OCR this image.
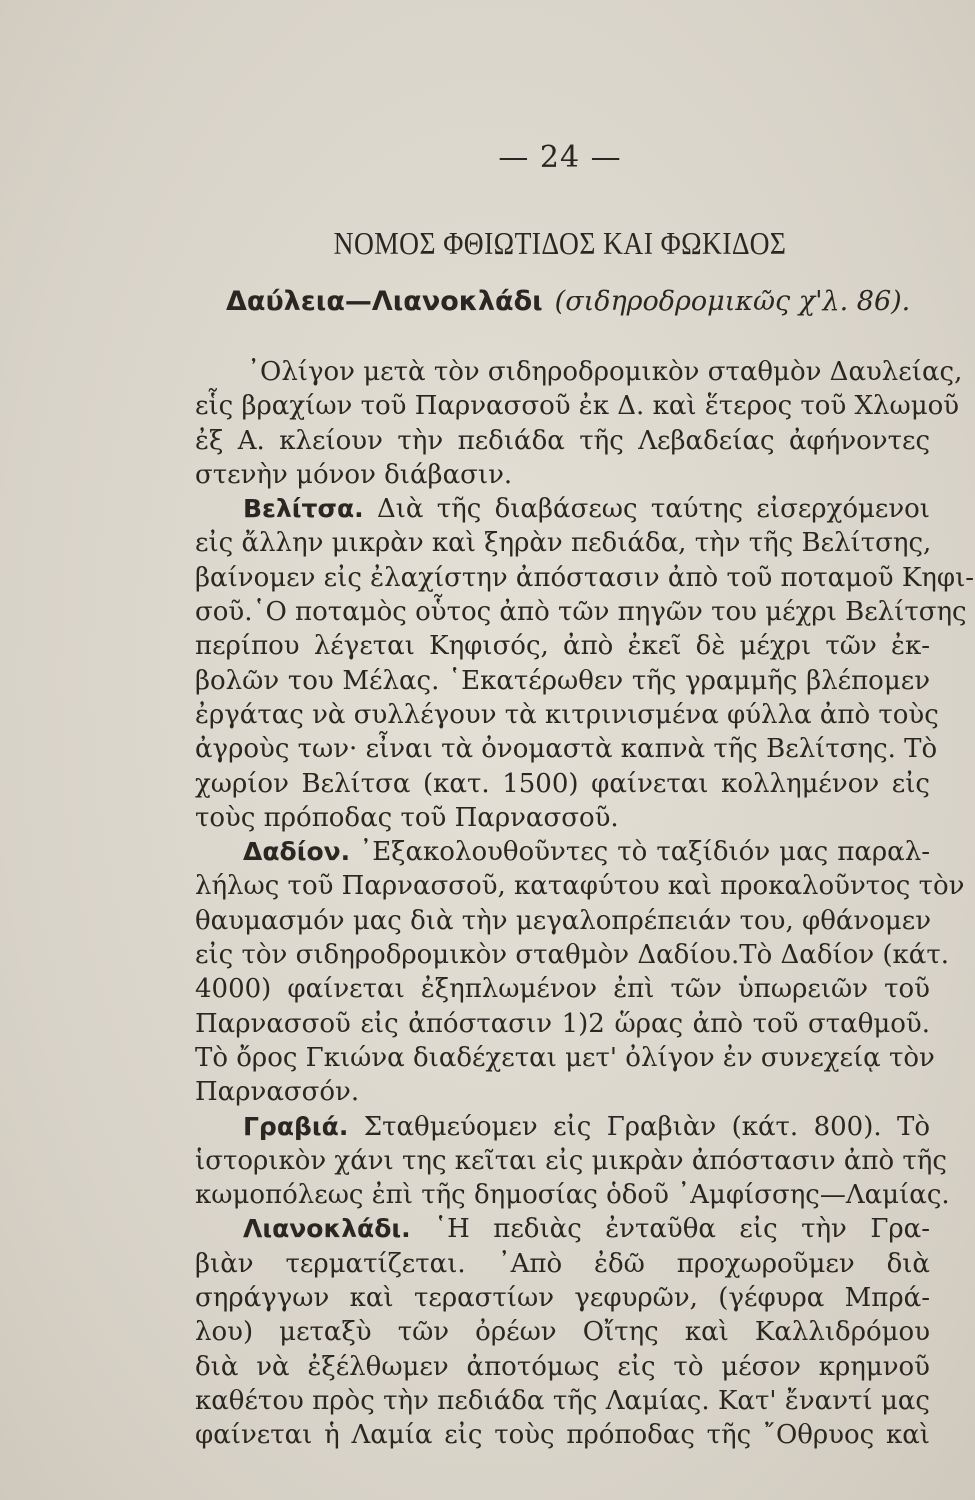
— 24 —
ΝΟΜΟΣ ΦΘΙΩΤΙΔΟΣ ΚΑΙ ΦΩΚΙΔΟΣ
Δαύλεια—Λιανοκλάδι (σιδηροδρομικῶς χ'λ. 86).
᾿Ολίγον μετὰ τὸν σιδηροδρομικὸν σταθμὸν Δαυλείας,
εἷς βραχίων τοῦ Παρνασσοῦ ἐκ Δ. καὶ ἕτερος τοῦ Χλωμοῦ
ἐξ Α. κλείουν τὴν πεδιάδα τῆς Λεβαδείας ἀφήνοντες
στενὴν μόνον διάβασιν.
Βελίτσα. Διὰ τῆς διαβάσεως ταύτης εἰσερχόμενοι
εἰς ἄλλην μικρὰν καὶ ξηρὰν πεδιάδα, τὴν τῆς Βελίτσης,
βαίνομεν εἰς ἐλαχίστην ἀπόστασιν ἀπὸ τοῦ ποταμοῦ Κηφι-
σοῦ.῾Ο ποταμὸς οὗτος ἀπὸ τῶν πηγῶν του μέχρι Βελίτσης
περίπου λέγεται Κηφισός, ἀπὸ ἐκεῖ δὲ μέχρι τῶν ἐκ-
βολῶν του Μέλας. ῾Εκατέρωθεν τῆς γραμμῆς βλέπομεν
ἐργάτας νὰ συλλέγουν τὰ κιτρινισμένα φύλλα ἀπὸ τοὺς
ἀγροὺς των· εἶναι τὰ ὀνομαστὰ καπνὰ τῆς Βελίτσης. Τὸ
χωρίον Βελίτσα (κατ. 1500) φαίνεται κολλημένον εἰς
τοὺς πρόποδας τοῦ Παρνασσοῦ.
Δαδίον. ᾿Εξακολουθοῦντες τὸ ταξίδιόν μας παραλ-
λήλως τοῦ Παρνασσοῦ, καταφύτου καὶ προκαλοῦντος τὸν
θαυμασμόν μας διὰ τὴν μεγαλοπρέπειάν του, φθάνομεν
εἰς τὸν σιδηροδρομικὸν σταθμὸν Δαδίου.Τὸ Δαδίον (κάτ.
4000) φαίνεται ἐξηπλωμένον ἐπὶ τῶν ὑπωρειῶν τοῦ
Παρνασσοῦ εἰς ἀπόστασιν 1)2 ὥρας ἀπὸ τοῦ σταθμοῦ.
Τὸ ὄρος Γκιώνα διαδέχεται μετ' ὀλίγον ἐν συνεχείᾳ τὸν
Παρνασσόν.
Γραβιά. Σταθμεύομεν εἰς Γραβιὰν (κάτ. 800). Τὸ
ἱστορικὸν χάνι της κεῖται εἰς μικρὰν ἀπόστασιν ἀπὸ τῆς
κωμοπόλεως ἐπὶ τῆς δημοσίας ὁδοῦ ᾿Αμφίσσης—Λαμίας.
Λιανοκλάδι. ῾Η πεδιὰς ἐνταῦθα εἰς τὴν Γρα-
βιὰν τερματίζεται. ᾿Απὸ ἐδῶ προχωροῦμεν διὰ
σηράγγων καὶ τεραστίων γεφυρῶν, (γέφυρα Μπρά-
λου) μεταξὺ τῶν ὀρέων Οἴτης καὶ Καλλιδρόμου
διὰ νὰ ἐξέλθωμεν ἀποτόμως εἰς τὸ μέσον κρημνοῦ
καθέτου πρὸς τὴν πεδιάδα τῆς Λαμίας. Κατ' ἔναντί μας
φαίνεται ἡ Λαμία εἰς τοὺς πρόποδας τῆς ῎Οθρυος καὶ
